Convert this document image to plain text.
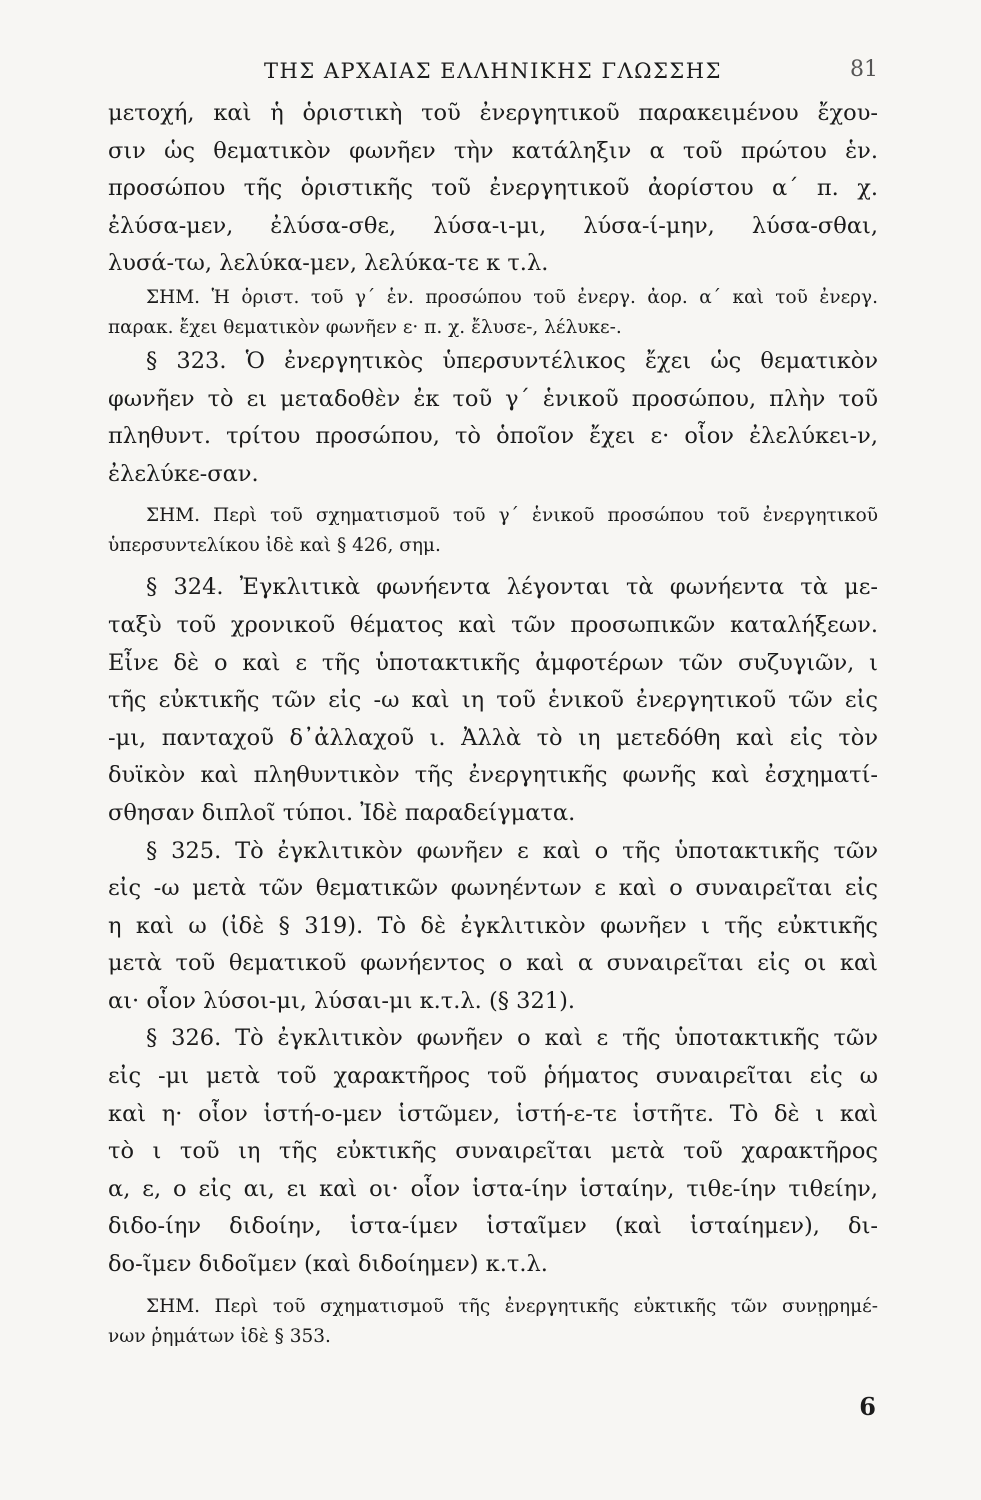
ΤΗΣ ΑΡΧΑΙΑΣ ΕΛΛΗΝΙΚΗΣ ΓΛΩΣΣΗΣ	81
μετοχή, καὶ ἡ ὁριστικὴ τοῦ ἐνεργητικοῦ παρακειμένου ἔχου-
σιν ὡς θεματικὸν φωνῆεν τὴν κατάληξιν α τοῦ πρώτου ἑν.
προσώπου τῆς ὁριστικῆς τοῦ ἐνεργητικοῦ ἀορίστου α΄ π. χ.
ἐλύσα-μεν, ἐλύσα-σθε, λύσα-ι-μι, λύσα-ί-μην, λύσα-σθαι,
λυσά-τω, λελύκα-μεν, λελύκα-τε κ τ.λ.
ΣΗΜ. Ἡ ὁριστ. τοῦ γ΄ ἑν. προσώπου τοῦ ἐνεργ. ἀορ. α΄ καὶ τοῦ ἐνεργ.
παρακ. ἔχει θεματικὸν φωνῆεν ε· π. χ. ἔλυσε-, λέλυκε-.
§ 323. Ὁ ἐνεργητικὸς ὑπερσυντέλικος ἔχει ὡς θεματικὸν
φωνῆεν τὸ ει μεταδοθὲν ἐκ τοῦ γ΄ ἑνικοῦ προσώπου, πλὴν τοῦ
πληθυντ. τρίτου προσώπου, τὸ ὁποῖον ἔχει ε· οἷον ἐλελύκει-ν,
ἐλελύκε-σαν.
ΣΗΜ. Περὶ τοῦ σχηματισμοῦ τοῦ γ΄ ἑνικοῦ προσώπου τοῦ ἐνεργητικοῦ
ὑπερσυντελίκου ἰδὲ καὶ § 426, σημ.
§ 324. Ἐγκλιτικὰ φωνήεντα λέγονται τὰ φωνήεντα τὰ με-
ταξὺ τοῦ χρονικοῦ θέματος καὶ τῶν προσωπικῶν καταλήξεων.
Εἶνε δὲ ο καὶ ε τῆς ὑποτακτικῆς ἀμφοτέρων τῶν συζυγιῶν, ι
τῆς εὐκτικῆς τῶν εἰς -ω καὶ ιη τοῦ ἑνικοῦ ἐνεργητικοῦ τῶν εἰς
-μι, πανταχοῦ δ᾽ἀλλαχοῦ ι. Ἀλλὰ τὸ ιη μετεδόθη καὶ εἰς τὸν
δυϊκὸν καὶ πληθυντικὸν τῆς ἐνεργητικῆς φωνῆς καὶ ἐσχηματί-
σθησαν διπλοῖ τύποι. Ἰδὲ παραδείγματα.
§ 325. Τὸ ἐγκλιτικὸν φωνῆεν ε καὶ ο τῆς ὑποτακτικῆς τῶν
εἰς -ω μετὰ τῶν θεματικῶν φωνηέντων ε καὶ ο συναιρεῖται εἰς
η καὶ ω (ἰδὲ § 319). Τὸ δὲ ἐγκλιτικὸν φωνῆεν ι τῆς εὐκτικῆς
μετὰ τοῦ θεματικοῦ φωνήεντος ο καὶ α συναιρεῖται εἰς οι καὶ
αι· οἷον λύσοι-μι, λύσαι-μι κ.τ.λ. (§ 321).
§ 326. Τὸ ἐγκλιτικὸν φωνῆεν ο καὶ ε τῆς ὑποτακτικῆς τῶν
εἰς -μι μετὰ τοῦ χαρακτῆρος τοῦ ῥήματος συναιρεῖται εἰς ω
καὶ η· οἷον ἱστή-ο-μεν ἱστῶμεν, ἱστή-ε-τε ἱστῆτε. Τὸ δὲ ι καὶ
τὸ ι τοῦ ιη τῆς εὐκτικῆς συναιρεῖται μετὰ τοῦ χαρακτῆρος
α, ε, ο εἰς αι, ει καὶ οι· οἷον ἱστα-ίην ἱσταίην, τιθε-ίην τιθείην,
διδο-ίην διδοίην, ἱστα-ίμεν ἱσταῖμεν (καὶ ἱσταίημεν), δι-
δο-ῖμεν διδοῖμεν (καὶ διδοίημεν) κ.τ.λ.
ΣΗΜ. Περὶ τοῦ σχηματισμοῦ τῆς ἐνεργητικῆς εὐκτικῆς τῶν συνῃρημέ-
νων ῥημάτων ἰδὲ § 353.
6
